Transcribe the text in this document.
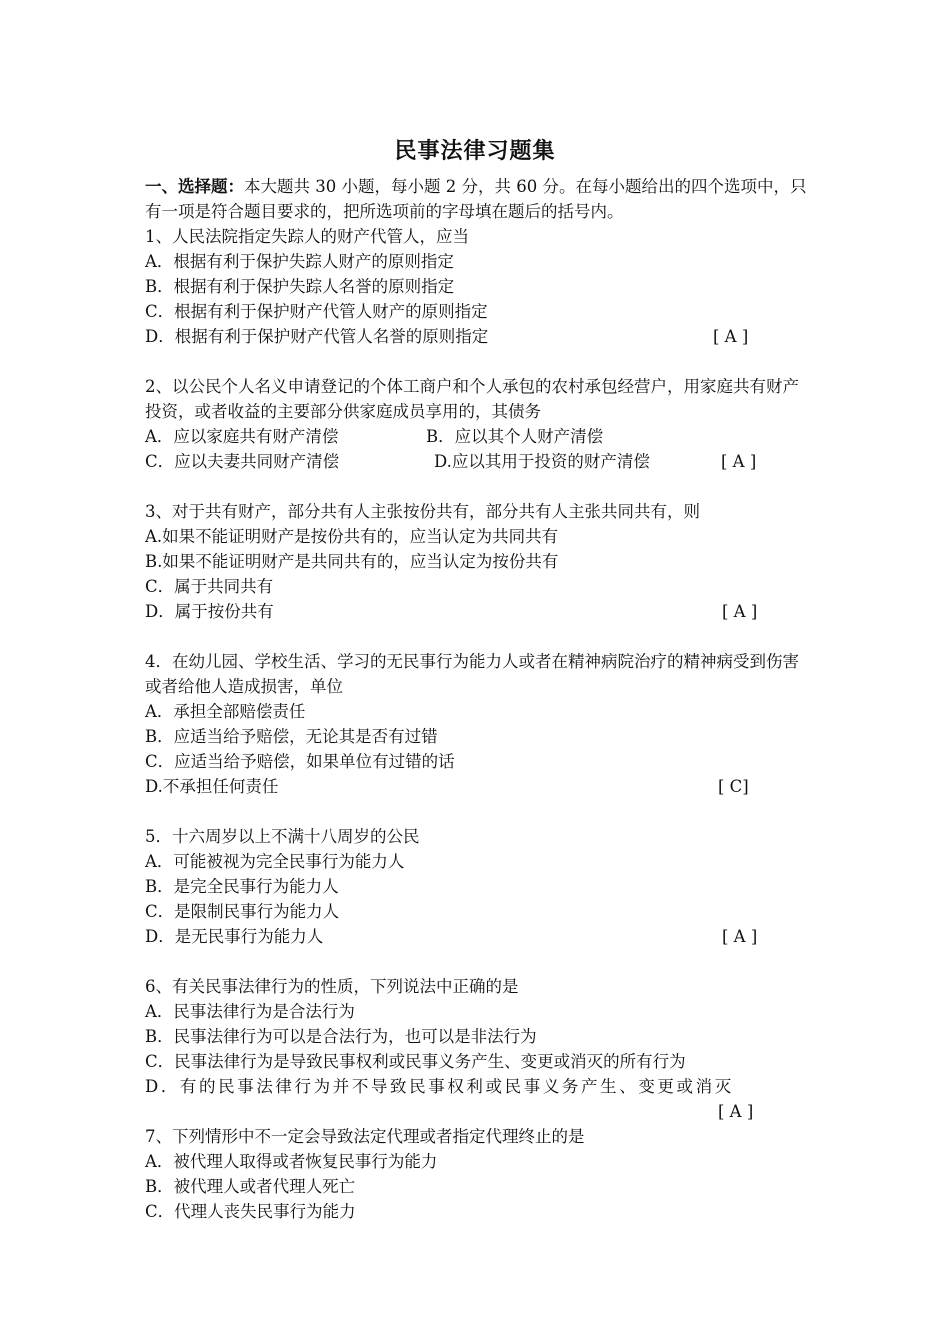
民事法律习题集
一、选择题：本大题共 30 小题，每小题 2 分，共 60 分。在每小题给出的四个选项中，只有一项是符合题目要求的，把所选项前的字母填在题后的括号内。
1、人民法院指定失踪人的财产代管人，应当
A．根据有利于保护失踪人财产的原则指定
B．根据有利于保护失踪人名誉的原则指定
C．根据有利于保护财产代管人财产的原则指定
D．根据有利于保护财产代管人名誉的原则指定	[ A ]
2、以公民个人名义申请登记的个体工商户和个人承包的农村承包经营户，用家庭共有财产投资，或者收益的主要部分供家庭成员享用的，其债务
A．应以家庭共有财产清偿	B．应以其个人财产清偿
C．应以夫妻共同财产清偿	D.应以其用于投资的财产清偿	[ A ]
3、对于共有财产，部分共有人主张按份共有，部分共有人主张共同共有，则
A.如果不能证明财产是按份共有的，应当认定为共同共有
B.如果不能证明财产是共同共有的，应当认定为按份共有
C．属于共同共有
D．属于按份共有	[ A ]
4．在幼儿园、学校生活、学习的无民事行为能力人或者在精神病院治疗的精神病受到伤害或者给他人造成损害，单位
A．承担全部赔偿责任
B．应适当给予赔偿，无论其是否有过错
C．应适当给予赔偿，如果单位有过错的话
D.不承担任何责任	[ C]
5．十六周岁以上不满十八周岁的公民
A．可能被视为完全民事行为能力人
B．是完全民事行为能力人
C．是限制民事行为能力人
D．是无民事行为能力人	[ A ]
6、有关民事法律行为的性质，下列说法中正确的是
A．民事法律行为是合法行为
B．民事法律行为可以是合法行为，也可以是非法行为
C．民事法律行为是导致民事权利或民事义务产生、变更或消灭的所有行为
D．有的民事法律行为并不导致民事权利或民事义务产生、变更或消灭
[ A ]
7、下列情形中不一定会导致法定代理或者指定代理终止的是
A．被代理人取得或者恢复民事行为能力
B．被代理人或者代理人死亡
C．代理人丧失民事行为能力
